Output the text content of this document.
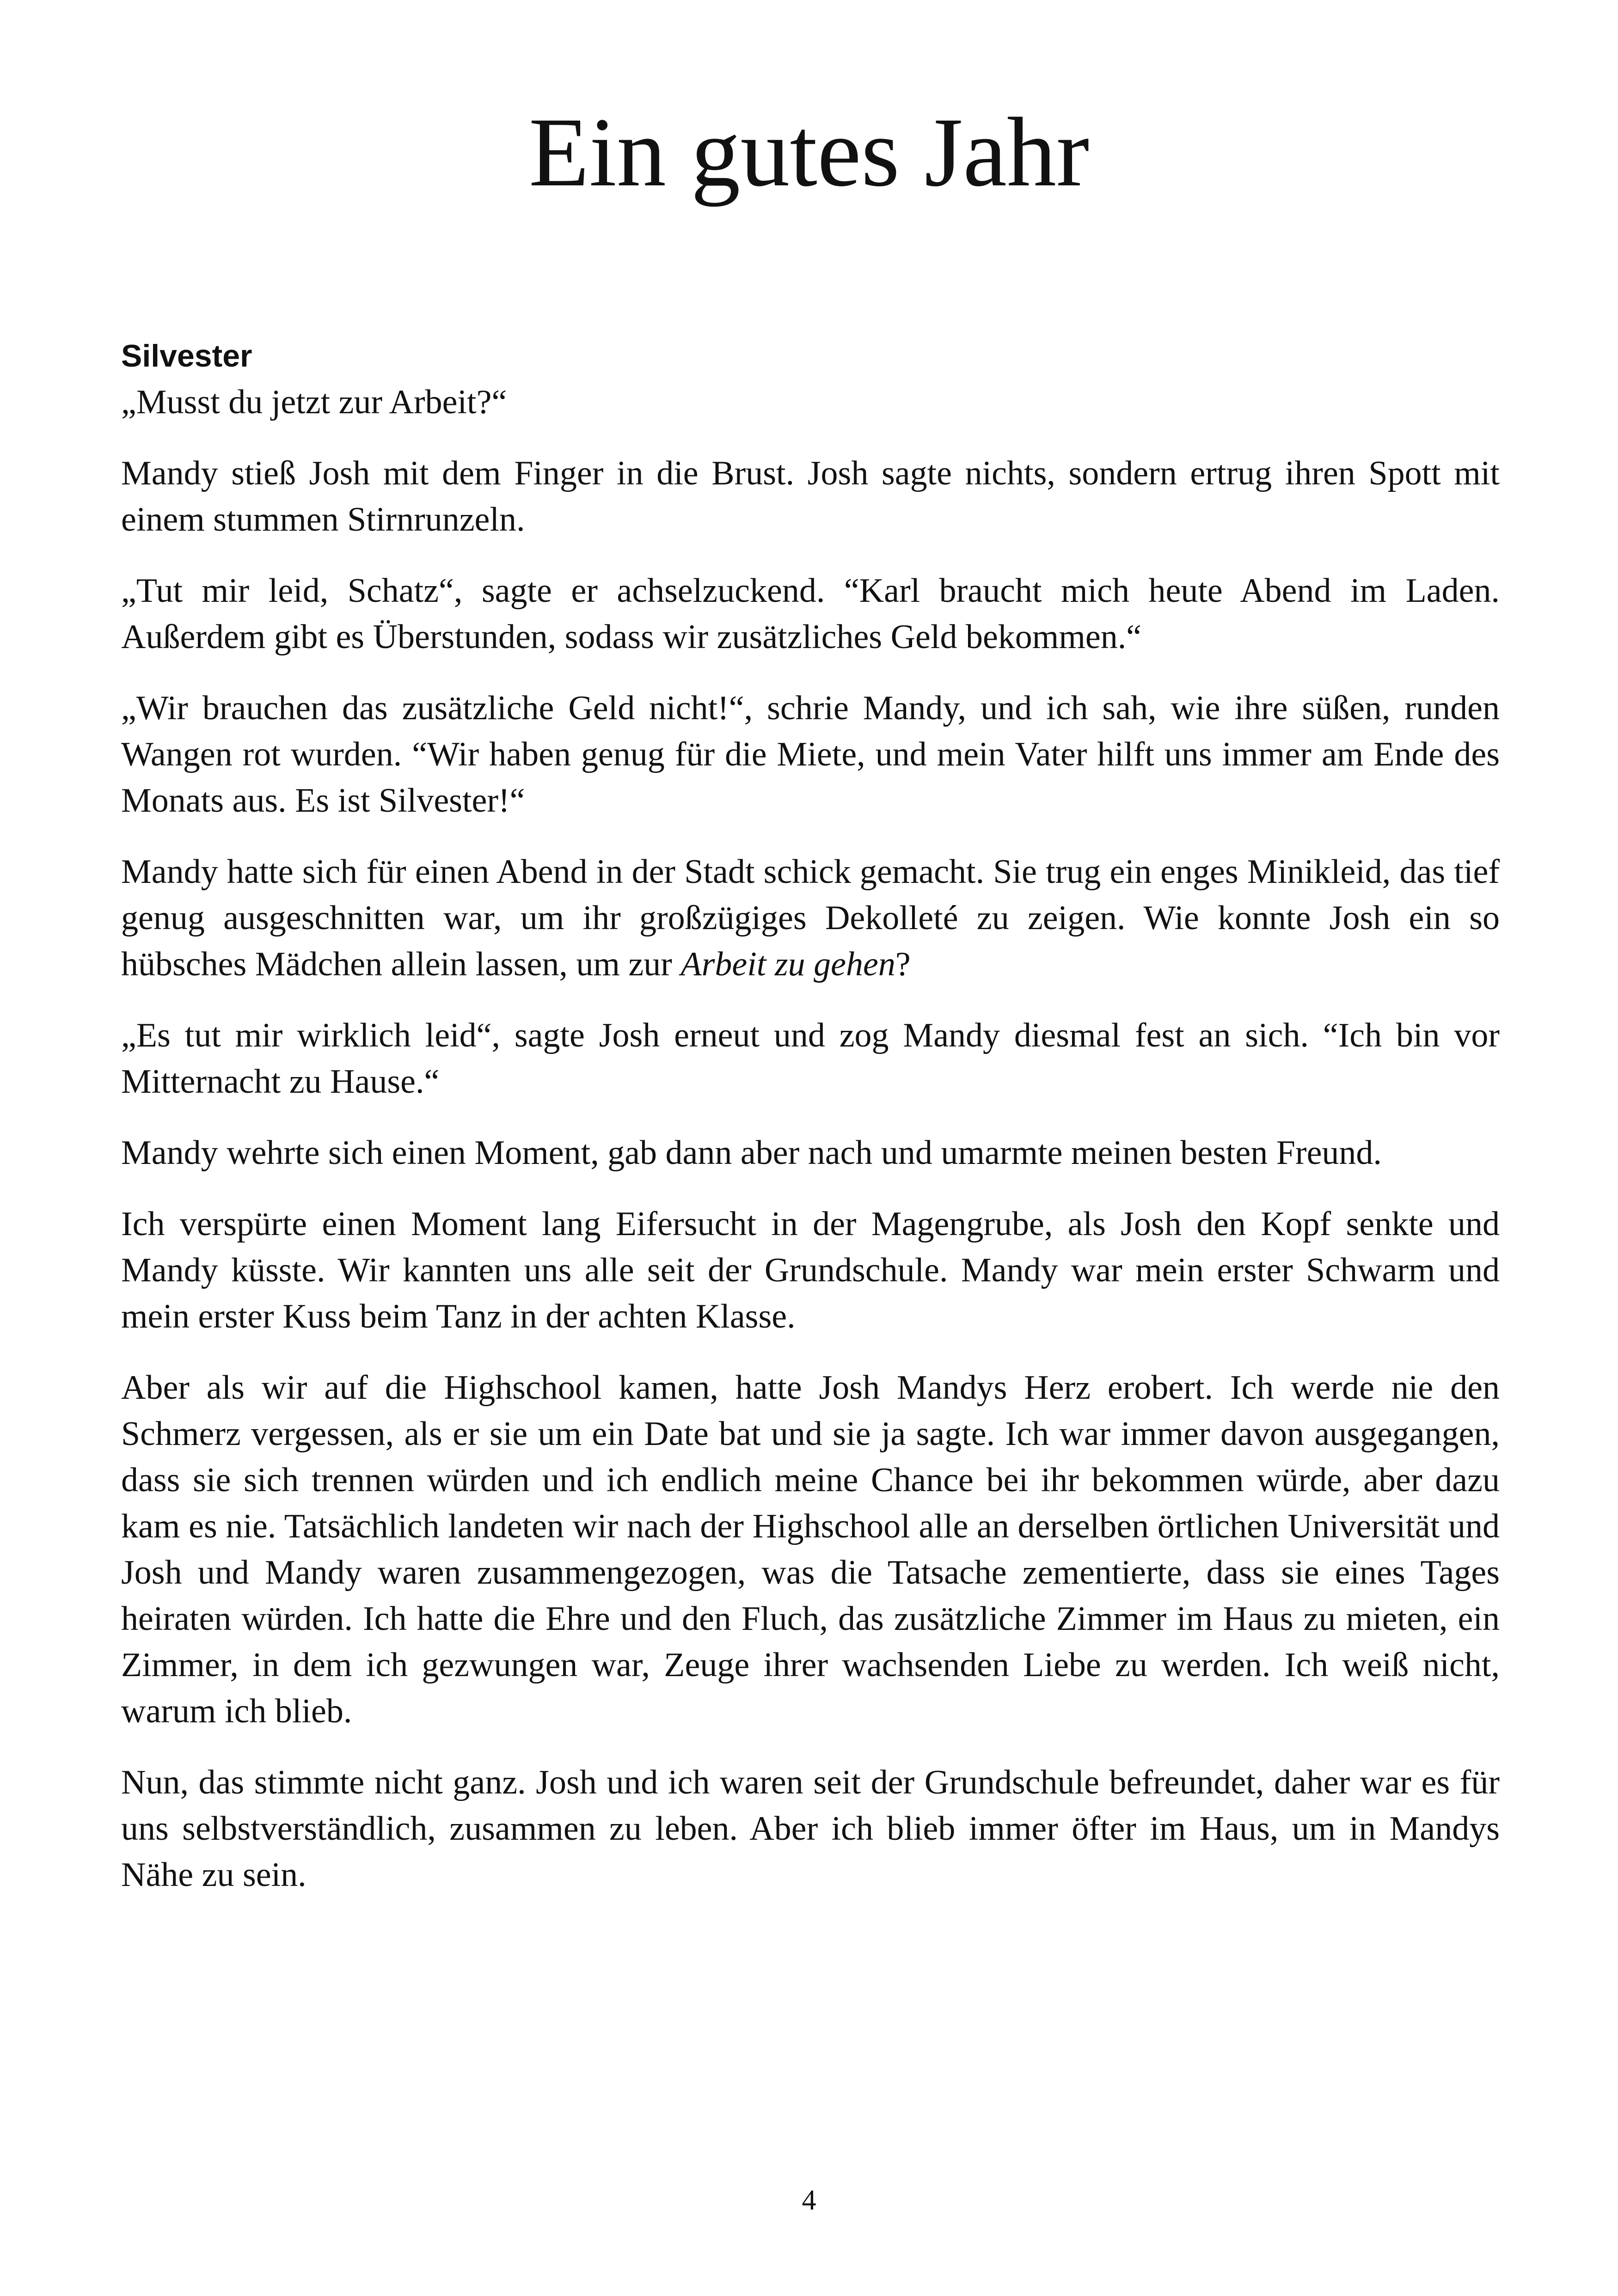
Ein gutes Jahr
Silvester

„Musst du jetzt zur Arbeit?“

Mandy stieß Josh mit dem Finger in die Brust. Josh sagte nichts, sondern ertrug ihren Spott mit einem stummen Stirnrunzeln.

„Tut mir leid, Schatz“, sagte er achselzuckend. “Karl braucht mich heute Abend im Laden. Außerdem gibt es Überstunden, sodass wir zusätzliches Geld bekommen.“

„Wir brauchen das zusätzliche Geld nicht!“, schrie Mandy, und ich sah, wie ihre süßen, runden Wangen rot wurden. “Wir haben genug für die Miete, und mein Vater hilft uns immer am Ende des Monats aus. Es ist Silvester!“

Mandy hatte sich für einen Abend in der Stadt schick gemacht. Sie trug ein enges Minikleid, das tief genug ausgeschnitten war, um ihr großzügiges Dekolleté zu zeigen. Wie konnte Josh ein so hübsches Mädchen allein lassen, um zur Arbeit zu gehen?

„Es tut mir wirklich leid“, sagte Josh erneut und zog Mandy diesmal fest an sich. “Ich bin vor Mitternacht zu Hause.“

Mandy wehrte sich einen Moment, gab dann aber nach und umarmte meinen besten Freund.

Ich verspürte einen Moment lang Eifersucht in der Magengrube, als Josh den Kopf senkte und Mandy küsste. Wir kannten uns alle seit der Grundschule. Mandy war mein erster Schwarm und mein erster Kuss beim Tanz in der achten Klasse.

Aber als wir auf die Highschool kamen, hatte Josh Mandys Herz erobert. Ich werde nie den Schmerz vergessen, als er sie um ein Date bat und sie ja sagte. Ich war immer davon ausgegangen, dass sie sich trennen würden und ich endlich meine Chance bei ihr bekommen würde, aber dazu kam es nie. Tatsächlich landeten wir nach der Highschool alle an derselben örtlichen Universität und Josh und Mandy waren zusammengezogen, was die Tatsache zementierte, dass sie eines Tages heiraten würden. Ich hatte die Ehre und den Fluch, das zusätzliche Zimmer im Haus zu mieten, ein Zimmer, in dem ich gezwungen war, Zeuge ihrer wachsenden Liebe zu werden. Ich weiß nicht, warum ich blieb.

Nun, das stimmte nicht ganz. Josh und ich waren seit der Grundschule befreundet, daher war es für uns selbstverständlich, zusammen zu leben. Aber ich blieb immer öfter im Haus, um in Mandys Nähe zu sein.

4
